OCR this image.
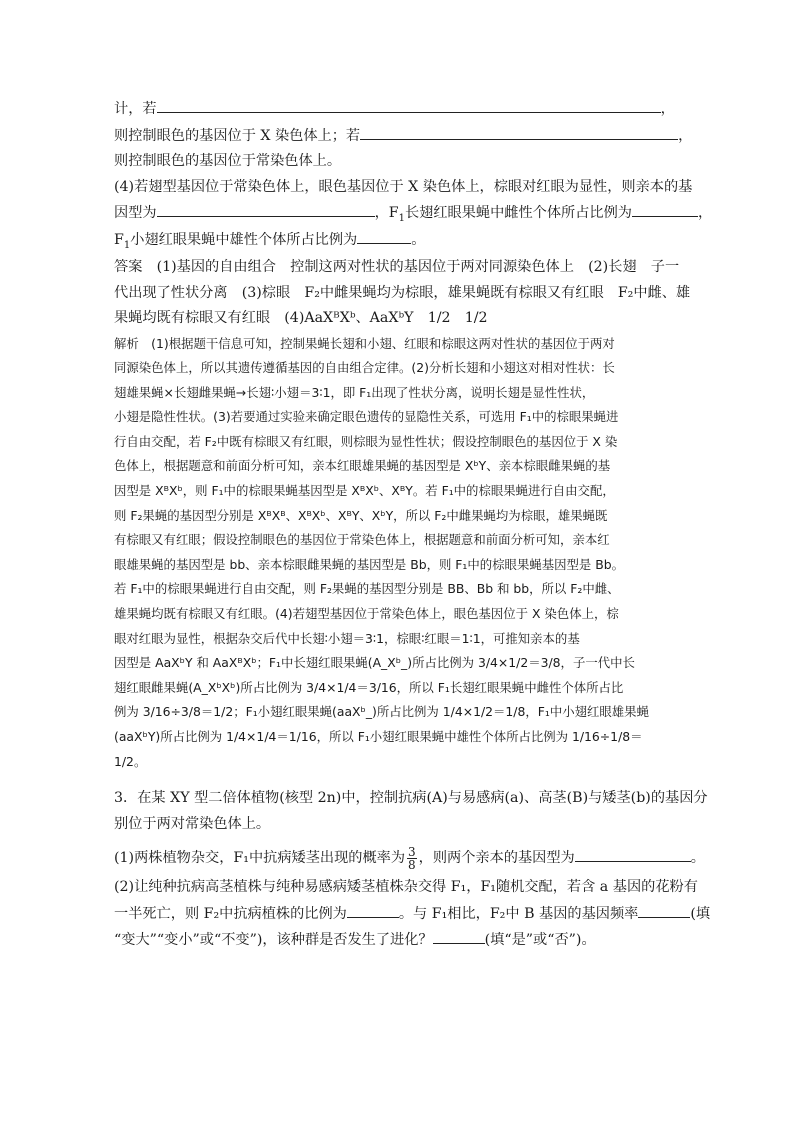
计，若	，
则控制眼色的基因位于 X 染色体上；若	，
则控制眼色的基因位于常染色体上。
(4)若翅型基因位于常染色体上，眼色基因位于 X 染色体上，棕眼对红眼为显性，则亲本的基
因型为	，$F_1$长翅红眼果蝇中雌性个体所占比例为	，
$F_1$小翅红眼果蝇中雄性个体所占比例为	。
答案　(1)基因的自由组合　控制这两对性状的基因位于两对同源染色体上　(2)长翅　子一
代出现了性状分离　(3)棕眼　F₂中雌果蝇均为棕眼，雄果蝇既有棕眼又有红眼　F₂中雌、雄
果蝇均既有棕眼又有红眼　(4)AaXᴮXᵇ、AaXᵇY　1/2　1/2
解析　(1)根据题干信息可知，控制果蝇长翅和小翅、红眼和棕眼这两对性状的基因位于两对
同源染色体上，所以其遗传遵循基因的自由组合定律。(2)分析长翅和小翅这对相对性状：长
翅雄果蝇×长翅雌果蝇→长翅∶小翅＝3∶1，即 F₁出现了性状分离，说明长翅是显性性状，
小翅是隐性性状。(3)若要通过实验来确定眼色遗传的显隐性关系，可选用 F₁中的棕眼果蝇进
行自由交配，若 F₂中既有棕眼又有红眼，则棕眼为显性性状；假设控制眼色的基因位于 X 染
色体上，根据题意和前面分析可知，亲本红眼雄果蝇的基因型是 XᵇY、亲本棕眼雌果蝇的基
因型是 XᴮXᵇ，则 F₁中的棕眼果蝇基因型是 XᴮXᵇ、XᴮY。若 F₁中的棕眼果蝇进行自由交配，
则 F₂果蝇的基因型分别是 XᴮXᴮ、XᴮXᵇ、XᴮY、XᵇY，所以 F₂中雌果蝇均为棕眼，雄果蝇既
有棕眼又有红眼；假设控制眼色的基因位于常染色体上，根据题意和前面分析可知，亲本红
眼雄果蝇的基因型是 bb、亲本棕眼雌果蝇的基因型是 Bb，则 F₁中的棕眼果蝇基因型是 Bb。
若 F₁中的棕眼果蝇进行自由交配，则 F₂果蝇的基因型分别是 BB、Bb 和 bb，所以 F₂中雌、
雄果蝇均既有棕眼又有红眼。(4)若翅型基因位于常染色体上，眼色基因位于 X 染色体上，棕
眼对红眼为显性，根据杂交后代中长翅∶小翅＝3∶1，棕眼∶红眼＝1∶1，可推知亲本的基
因型是 AaXᵇY 和 AaXᴮXᵇ；F₁中长翅红眼果蝇(A_Xᵇ_)所占比例为 3/4×1/2＝3/8，子一代中长
翅红眼雌果蝇(A_XᵇXᵇ)所占比例为 3/4×1/4＝3/16，所以 F₁长翅红眼果蝇中雌性个体所占比
例为 3/16÷3/8＝1/2；F₁小翅红眼果蝇(aaXᵇ_)所占比例为 1/4×1/2＝1/8，F₁中小翅红眼雄果蝇
(aaXᵇY)所占比例为 1/4×1/4＝1/16，所以 F₁小翅红眼果蝇中雄性个体所占比例为 1/16÷1/8＝
1/2。
3．在某 XY 型二倍体植物(核型 2n)中，控制抗病(A)与易感病(a)、高茎(B)与矮茎(b)的基因分
别位于两对常染色体上。
(1)两株植物杂交，F₁中抗病矮茎出现的概率为 $\frac{3}{8}$ ，则两个亲本的基因型为	。
(2)让纯种抗病高茎植株与纯种易感病矮茎植株杂交得 F₁，F₁随机交配，若含 a 基因的花粉有
一半死亡，则 F₂中抗病植株的比例为	。与 F₁相比，F₂中 B 基因的基因频率	(填
“变大”“变小”或“不变”)，该种群是否发生了进化？	(填“是”或“否”)。
